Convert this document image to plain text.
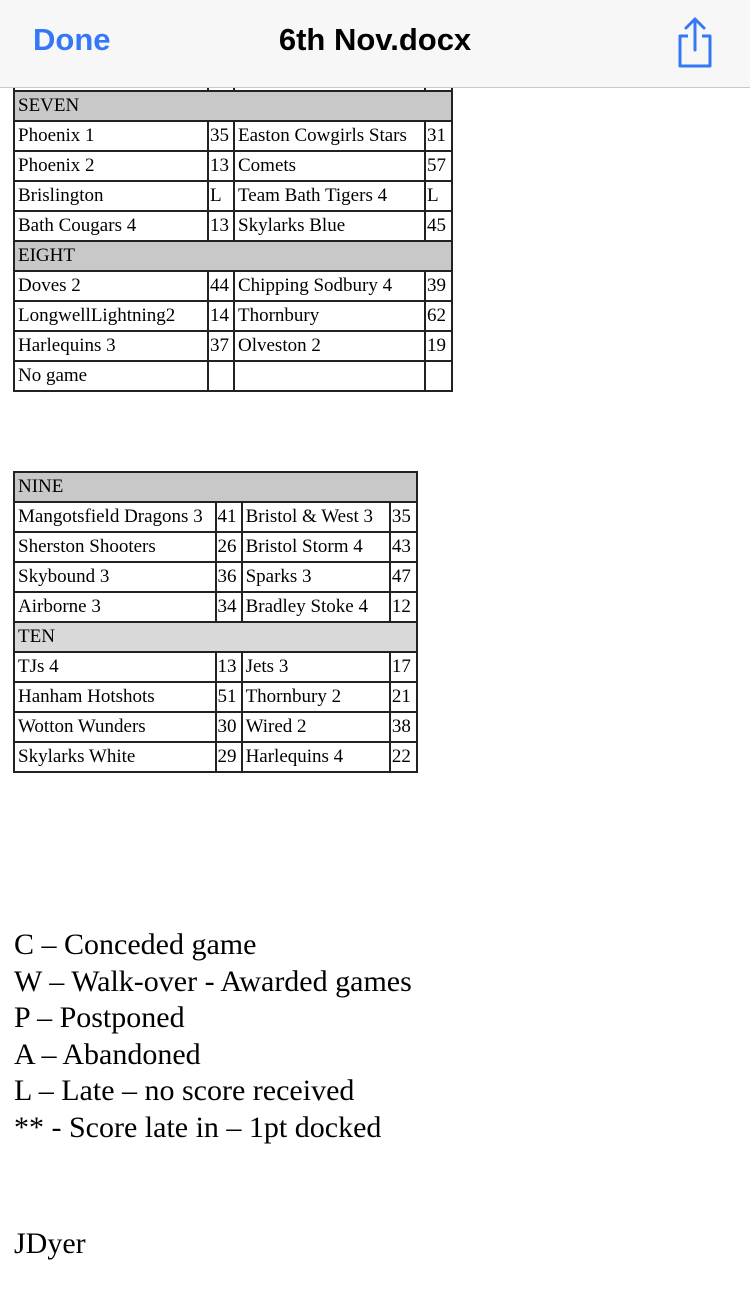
Done	6th Nov.docx

SEVEN			
Phoenix 1	35	Easton Cowgirls Stars	31
Phoenix 2	13	Comets	57
Brislington	L	Team Bath Tigers 4	L
Bath Cougars 4	13	Skylarks Blue	45
EIGHT			
Doves 2	44	Chipping Sodbury 4	39
LongwellLightning2	14	Thornbury	62
Harlequins 3	37	Olveston 2	19
No game			
NINE			
Mangotsfield Dragons 3	41	Bristol & West 3	35
Sherston Shooters	26	Bristol Storm 4	43
Skybound 3	36	Sparks 3	47
Airborne 3	34	Bradley Stoke 4	12
TEN			
TJs 4	13	Jets 3	17
Hanham Hotshots	51	Thornbury 2	21
Wotton Wunders	30	Wired 2	38
Skylarks White	29	Harlequins 4	22
C – Conceded game
W – Walk-over - Awarded games
P – Postponed
A – Abandoned
L – Late – no score received
** - Score late in – 1pt docked
JDyer
